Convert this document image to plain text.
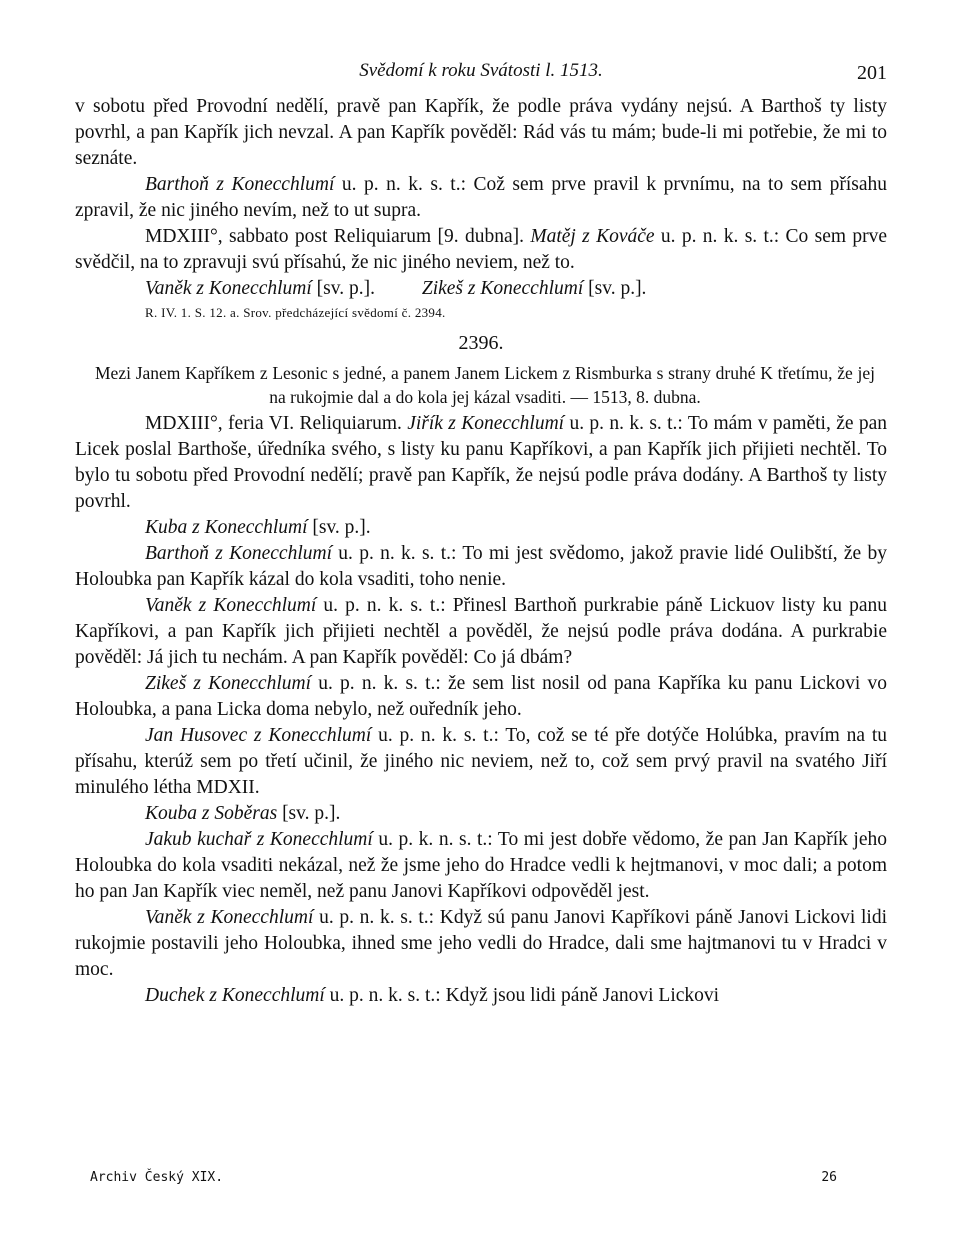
Svědomí k roku Svátosti l. 1513.	201

v sobotu před Provodní nedělí, pravě pan Kapřík, že podle práva vydány nejsú. A Barthoš ty listy povrhl, a pan Kapřík jich nevzal. A pan Kapřík pověděl: Rád vás tu mám; bude-li mi potřebie, že mi to seznáte.

Barthoň z Konecchlumí u. p. n. k. s. t.: Což sem prve pravil k prvnímu, na to sem přísahu zpravil, že nic jiného nevím, než to ut supra.

MDXIII°, sabbato post Reliquiarum [9. dubna]. Matěj z Kováče u. p. n. k. s. t.: Co sem prve svědčil, na to zpravuji svú přísahú, že nic jiného neviem, než to.

Vaněk z Konecchlumí [sv. p.]. Zikeš z Konecchlumí [sv. p.].
R. IV. 1. S. 12. a. Srov. předcházející svědomí č. 2394.
2396.
Mezi Janem Kapříkem z Lesonic s jedné, a panem Janem Lickem z Rismburka s strany druhé K třetímu, že jej na rukojmie dal a do kola jej kázal vsaditi. — 1513, 8. dubna.

MDXIII°, feria VI. Reliquiarum. Jiřík z Konecchlumí u. p. n. k. s. t.: To mám v paměti, že pan Licek poslal Barthoše, úředníka svého, s listy ku panu Kapříkovi, a pan Kapřík jich přijieti nechtěl. To bylo tu sobotu před Provodní nedělí; pravě pan Kapřík, že nejsú podle práva dodány. A Barthoš ty listy povrhl.

Kuba z Konecchlumí [sv. p.].

Barthoň z Konecchlumí u. p. n. k. s. t.: To mi jest svědomo, jakož pravie lidé Oulibští, že by Holoubka pan Kapřík kázal do kola vsaditi, toho nenie.

Vaněk z Konecchlumí u. p. n. k. s. t.: Přinesl Barthoň purkrabie páně Lickuov listy ku panu Kapříkovi, a pan Kapřík jich přijieti nechtěl a pověděl, že nejsú podle práva dodána. A purkrabie pověděl: Já jich tu nechám. A pan Kapřík pověděl: Co já dbám?

Zikeš z Konecchlumí u. p. n. k. s. t.: že sem list nosil od pana Kapříka ku panu Lickovi vo Holoubka, a pana Licka doma nebylo, než ouředník jeho.

Jan Husovec z Konecchlumí u. p. n. k. s. t.: To, což se té pře dotýče Holúbka, pravím na tu přísahu, kterúž sem po třetí učinil, že jiného nic neviem, než to, což sem prvý pravil na svatého Jiří minulého létha MDXII.

Kouba z Soběras [sv. p.].

Jakub kuchař z Konecchlumí u. p. k. n. s. t.: To mi jest dobře vědomo, že pan Jan Kapřík jeho Holoubka do kola vsaditi nekázal, než že jsme jeho do Hradce vedli k hejtmanovi, v moc dali; a potom ho pan Jan Kapřík viec neměl, než panu Janovi Kapříkovi odpověděl jest.

Vaněk z Konecchlumí u. p. n. k. s. t.: Když sú panu Janovi Kapříkovi páně Janovi Lickovi lidi rukojmie postavili jeho Holoubka, ihned sme jeho vedli do Hradce, dali sme hajtmanovi tu v Hradci v moc.

Duchek z Konecchlumí u. p. n. k. s. t.: Když jsou lidi páně Janovi Lickovi

Archiv Český XIX.	26
